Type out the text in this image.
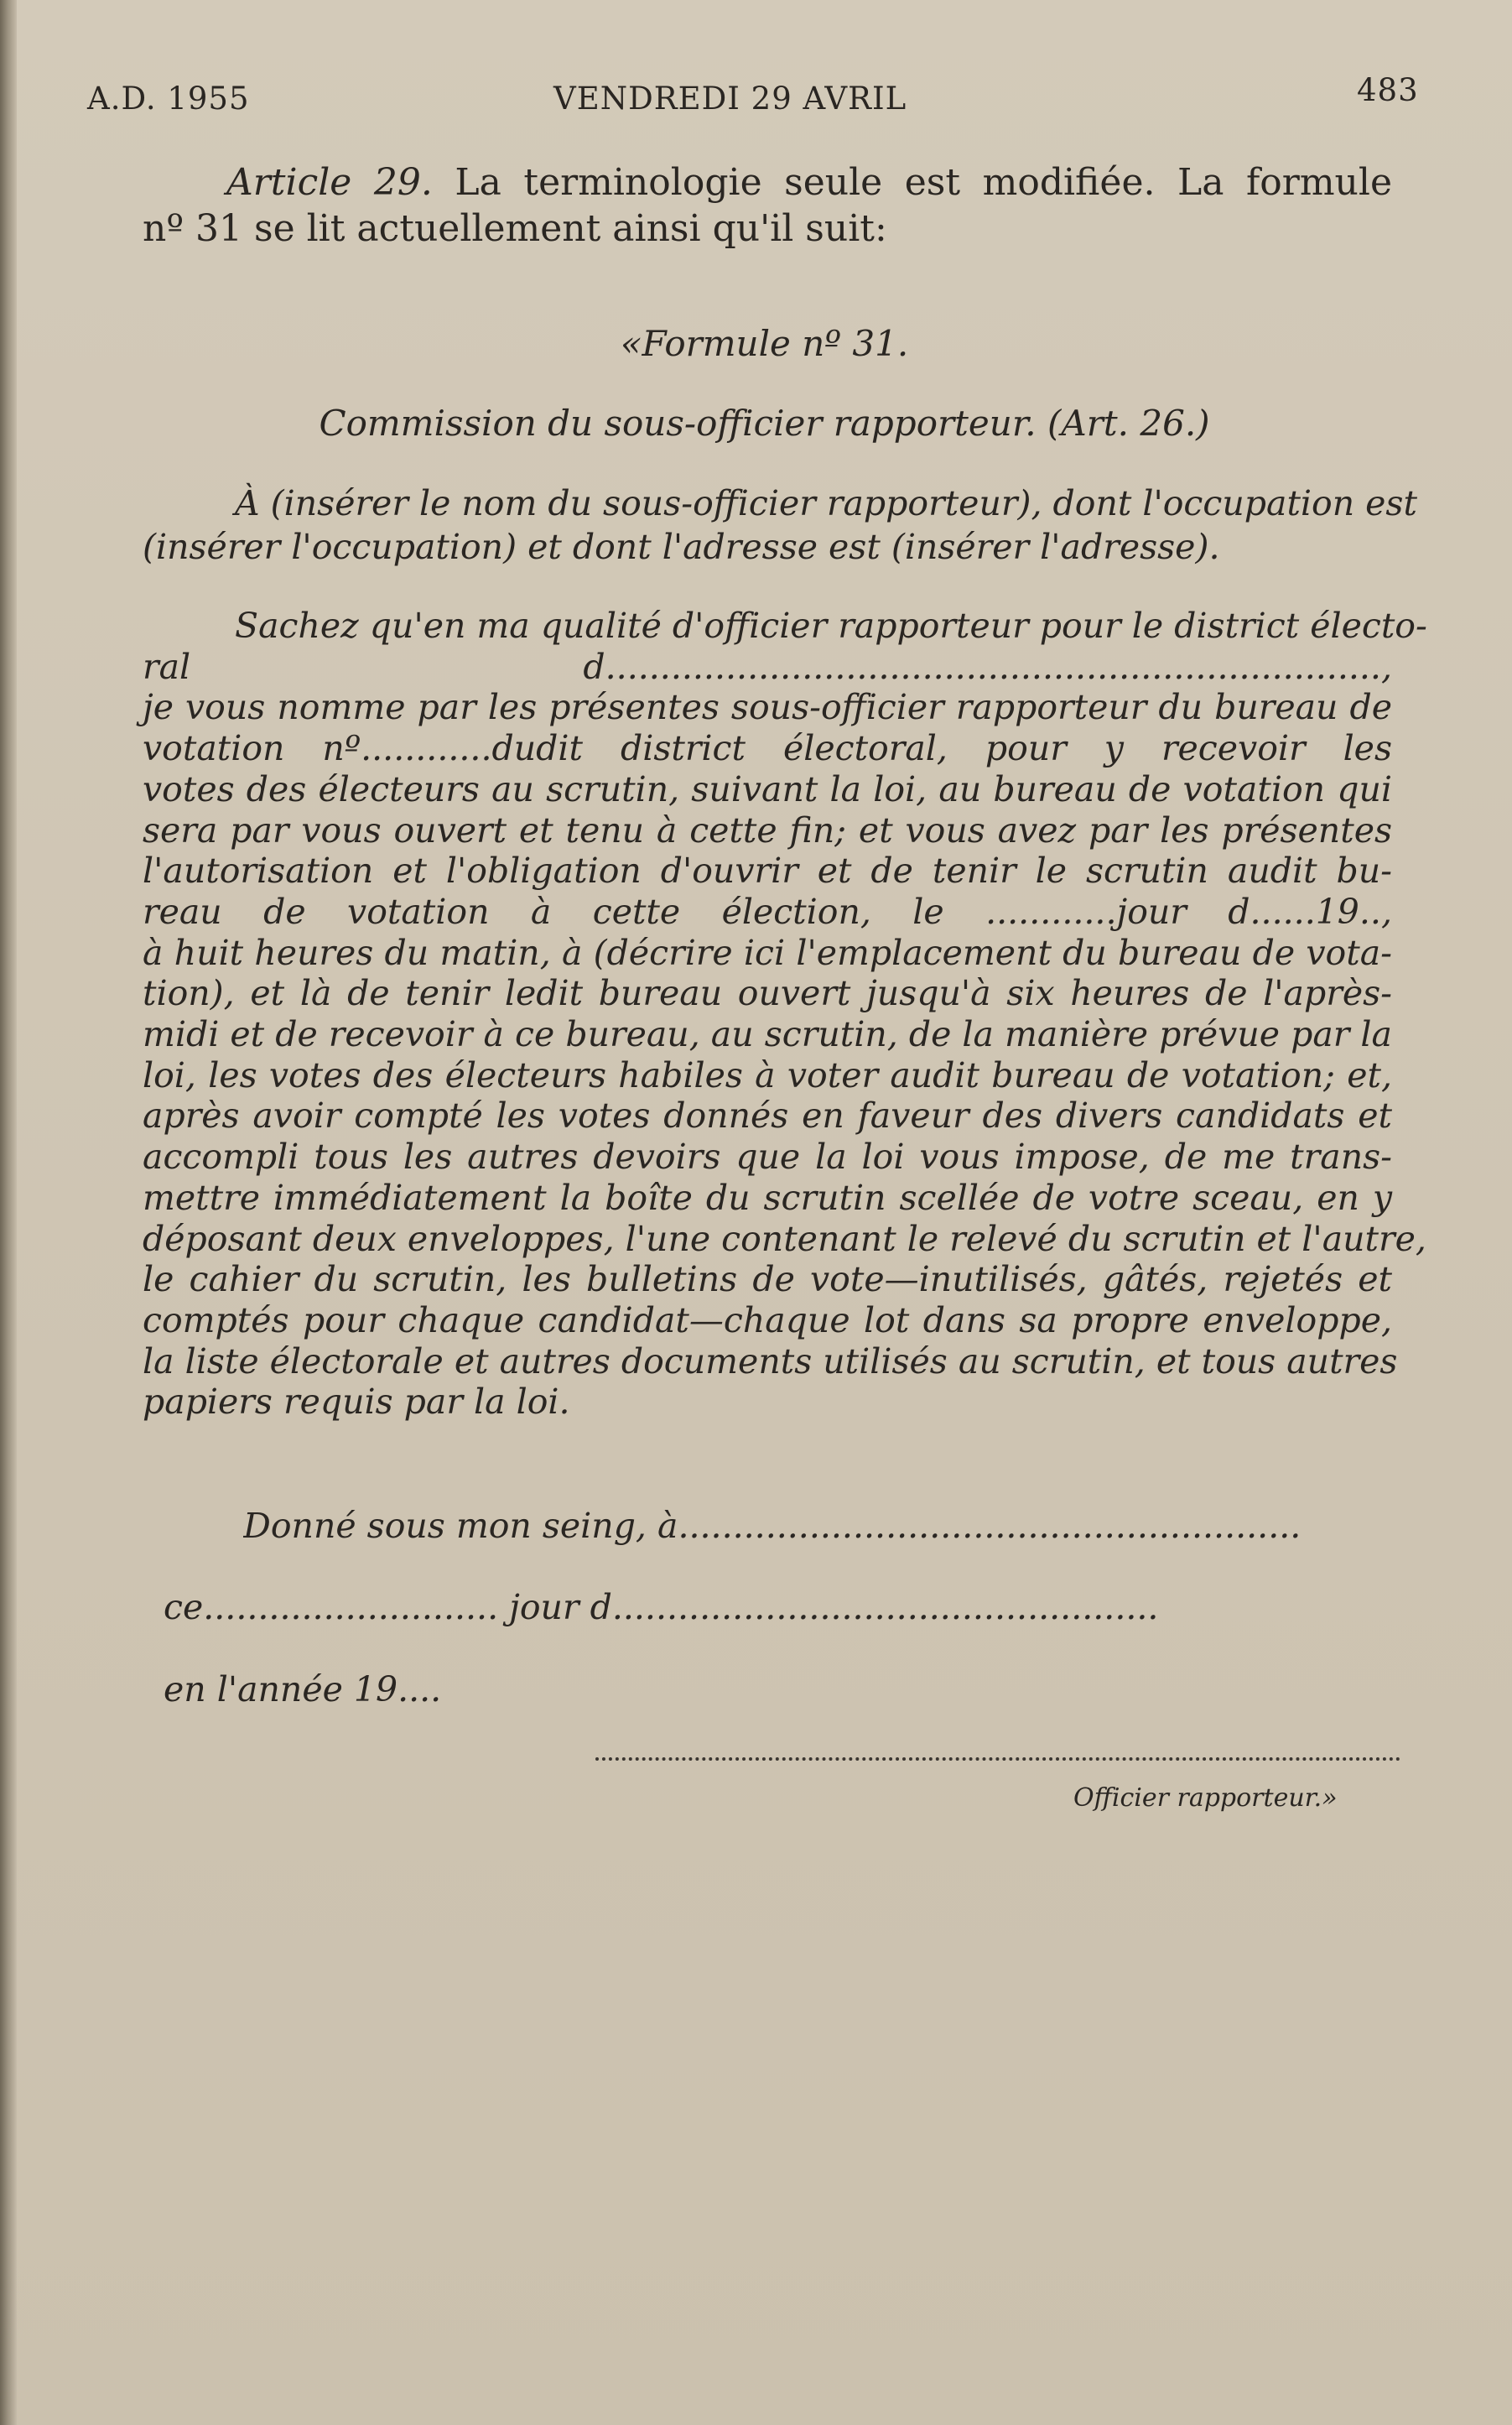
A.D. 1955	VENDREDI 29 AVRIL	483
Article 29. La terminologie seule est modifiée. La formule
nº 31 se lit actuellement ainsi qu'il suit:
«Formule nº 31.
Commission du sous-officier rapporteur. (Art. 26.)
À (insérer le nom du sous-officier rapporteur), dont l'occupation est
(insérer l'occupation) et dont l'adresse est (insérer l'adresse).
Sachez qu'en ma qualité d'officier rapporteur pour le district électo-
ral d.......................................................................,
je vous nomme par les présentes sous-officier rapporteur du bureau de
votation nº............dudit district électoral, pour y recevoir les
votes des électeurs au scrutin, suivant la loi, au bureau de votation qui
sera par vous ouvert et tenu à cette fin; et vous avez par les présentes
l'autorisation et l'obligation d'ouvrir et de tenir le scrutin audit bu-
reau de votation à cette élection, le ............jour d......19..,
à huit heures du matin, à (décrire ici l'emplacement du bureau de vota-
tion), et là de tenir ledit bureau ouvert jusqu'à six heures de l'après-
midi et de recevoir à ce bureau, au scrutin, de la manière prévue par la
loi, les votes des électeurs habiles à voter audit bureau de votation; et,
après avoir compté les votes donnés en faveur des divers candidats et
accompli tous les autres devoirs que la loi vous impose, de me trans-
mettre immédiatement la boîte du scrutin scellée de votre sceau, en y
déposant deux enveloppes, l'une contenant le relevé du scrutin et l'autre,
le cahier du scrutin, les bulletins de vote—inutilisés, gâtés, rejetés et
comptés pour chaque candidat—chaque lot dans sa propre enveloppe,
la liste électorale et autres documents utilisés au scrutin, et tous autres
papiers requis par la loi.
Donné sous mon seing, à.........................................................
ce........................... jour d..................................................
en l'année 19....
Officier rapporteur.»
